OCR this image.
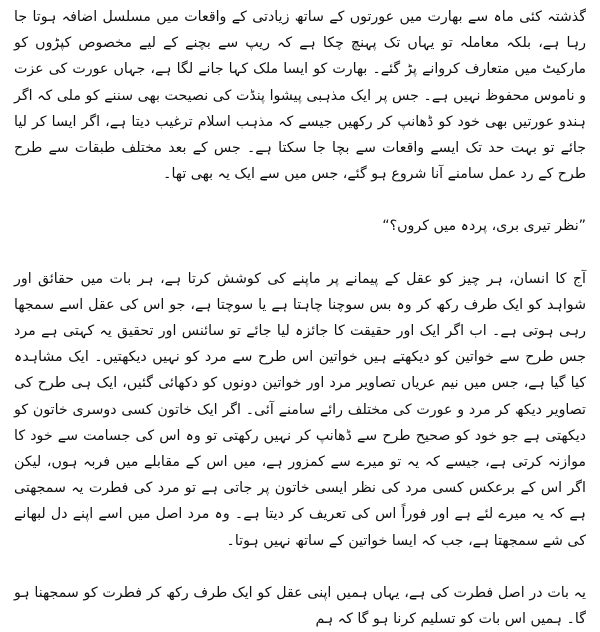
گذشتہ کئی ماہ سے بھارت میں عورتوں کے ساتھ زیادتی کے واقعات میں مسلسل اضافہ ہوتا جا رہا ہے، بلکہ معاملہ تو یہاں تک پہنچ چکا ہے کہ ریپ سے بچنے کے لیے مخصوص کپڑوں کو مارکیٹ میں متعارف کروانے پڑ گئے۔ بھارت کو ایسا ملک کہا جانے لگا ہے، جہاں عورت کی عزت و ناموس محفوظ نہیں ہے۔ جس پر ایک مذہبی پیشوا پنڈت کی نصیحت بھی سننے کو ملی کہ اگر ہندو عورتیں بھی خود کو ڈھانپ کر رکھیں جیسے کہ مذہب اسلام ترغیب دیتا ہے، اگر ایسا کر لیا جائے تو بہت حد تک ایسے واقعات سے بچا جا سکتا ہے۔ جس کے بعد مختلف طبقات سے طرح طرح کے رد عمل سامنے آنا شروع ہو گئے، جس میں سے ایک یہ بھی تھا۔

”نظر تیری بری، پردہ میں کروں؟“

آج کا انسان، ہر چیز کو عقل کے پیمانے پر ماپنے کی کوشش کرتا ہے، ہر بات میں حقائق اور شواہد کو ایک طرف رکھ کر وہ بس سوچنا چاہتا ہے یا سوچتا ہے، جو اس کی عقل اسے سمجھا رہی ہوتی ہے۔ اب اگر ایک اور حقیقت کا جائزہ لیا جائے تو سائنس اور تحقیق یہ کہتی ہے مرد جس طرح سے خواتین کو دیکھتے ہیں خواتین اس طرح سے مرد کو نہیں دیکھتیں۔ ایک مشاہدہ کیا گیا ہے، جس میں نیم عریاں تصاویر مرد اور خواتین دونوں کو دکھائی گئیں، ایک ہی طرح کی تصاویر دیکھ کر مرد و عورت کی مختلف رائے سامنے آئی۔ اگر ایک خاتون کسی دوسری خاتون کو دیکھتی ہے جو خود کو صحیح طرح سے ڈھانپ کر نہیں رکھتی تو وہ اس کی جسامت سے خود کا موازنہ کرتی ہے، جیسے کہ یہ تو میرے سے کمزور ہے، میں اس کے مقابلے میں فربہ ہوں، لیکن اگر اس کے برعکس کسی مرد کی نظر ایسی خاتون پر جاتی ہے تو مرد کی فطرت یہ سمجھتی ہے کہ یہ میرے لئے ہے اور فوراً اس کی تعریف کر دیتا ہے۔ وہ مرد اصل میں اسے اپنے دل لبھانے کی شے سمجھتا ہے، جب کہ ایسا خواتین کے ساتھ نہیں ہوتا۔

یہ بات در اصل فطرت کی ہے، یہاں ہمیں اپنی عقل کو ایک طرف رکھ کر فطرت کو سمجھنا ہو گا۔ ہمیں اس بات کو تسلیم کرنا ہو گا کہ ہم
